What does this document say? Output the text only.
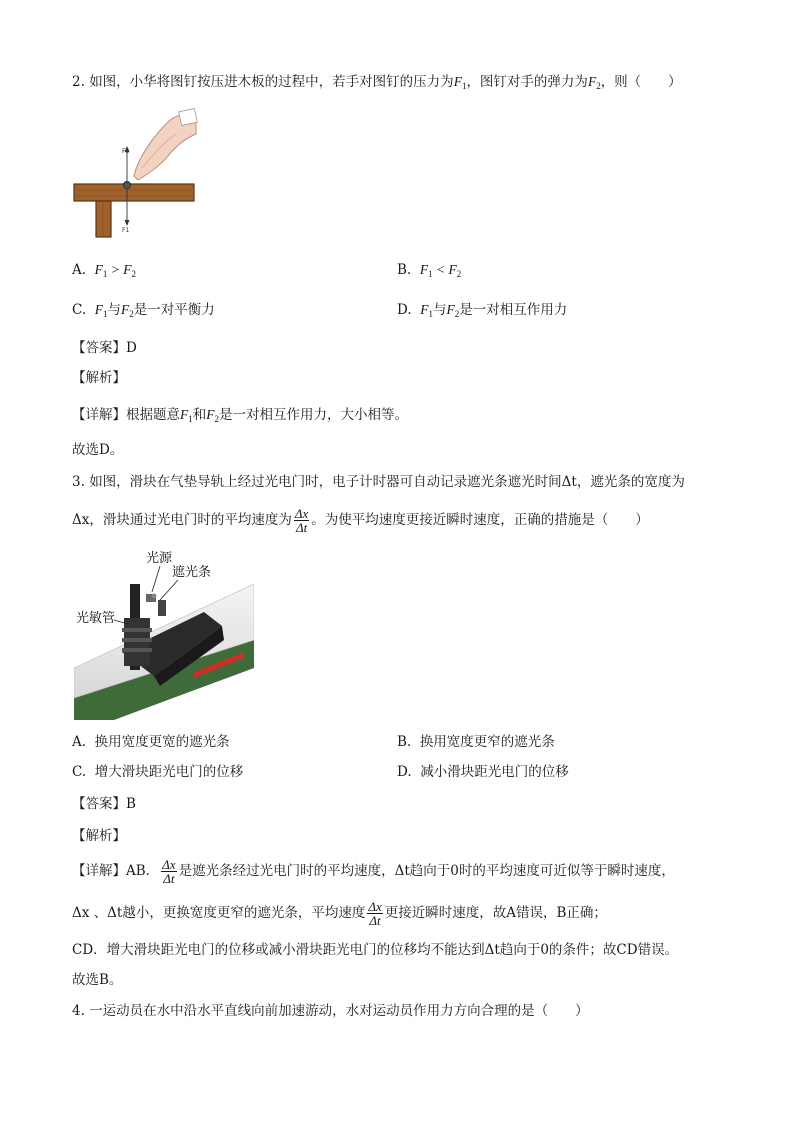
2. 如图，小华将图钉按压进木板的过程中，若手对图钉的压力为$F_1$，图钉对手的弹力为$F_2$，则（　　）
F2
F1
A. $F_1 > F_2$	B. $F_1 < F_2$
C. $F_1$与$F_2$是一对平衡力	D. $F_1$与$F_2$是一对相互作用力
【答案】D
【解析】
【详解】根据题意$F_1$和$F_2$是一对相互作用力，大小相等。
故选D。
3. 如图，滑块在气垫导轨上经过光电门时，电子计时器可自动记录遮光条遮光时间Δt，遮光条的宽度为
Δx，滑块通过光电门时的平均速度为 $\frac{\Delta x}{\Delta t}$ 。为使平均速度更接近瞬时速度，正确的措施是（　　）
光源
遮光条
光敏管
A. 换用宽度更宽的遮光条	B. 换用宽度更窄的遮光条
C. 增大滑块距光电门的位移	D. 减小滑块距光电门的位移
【答案】B
【解析】
【详解】AB． $\frac{\Delta x}{\Delta t}$ 是遮光条经过光电门时的平均速度，Δt趋向于0时的平均速度可近似等于瞬时速度，
Δx 、Δt越小，更换宽度更窄的遮光条，平均速度 $\frac{\Delta x}{\Delta t}$ 更接近瞬时速度，故A错误，B正确；
CD．增大滑块距光电门的位移或减小滑块距光电门的位移均不能达到Δt趋向于0的条件；故CD错误。
故选B。
4. 一运动员在水中沿水平直线向前加速游动，水对运动员作用力方向合理的是（　　）
